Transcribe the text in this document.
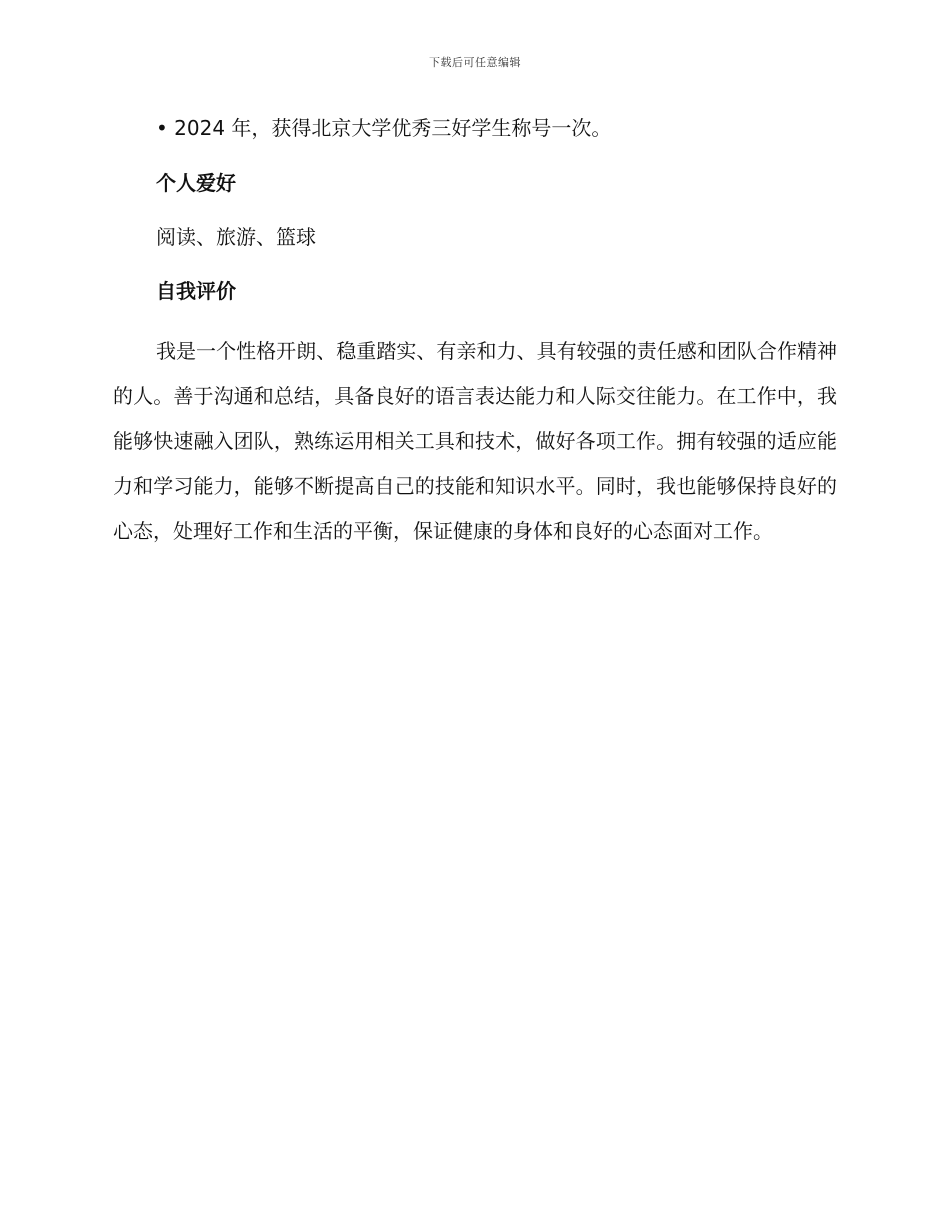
下载后可任意编辑

• 2024 年，获得北京大学优秀三好学生称号一次。

个人爱好

阅读、旅游、篮球

自我评价

我是一个性格开朗、稳重踏实、有亲和力、具有较强的责任感和团队合作精神的人。善于沟通和总结，具备良好的语言表达能力和人际交往能力。在工作中，我能够快速融入团队，熟练运用相关工具和技术，做好各项工作。拥有较强的适应能力和学习能力，能够不断提高自己的技能和知识水平。同时，我也能够保持良好的心态，处理好工作和生活的平衡，保证健康的身体和良好的心态面对工作。
